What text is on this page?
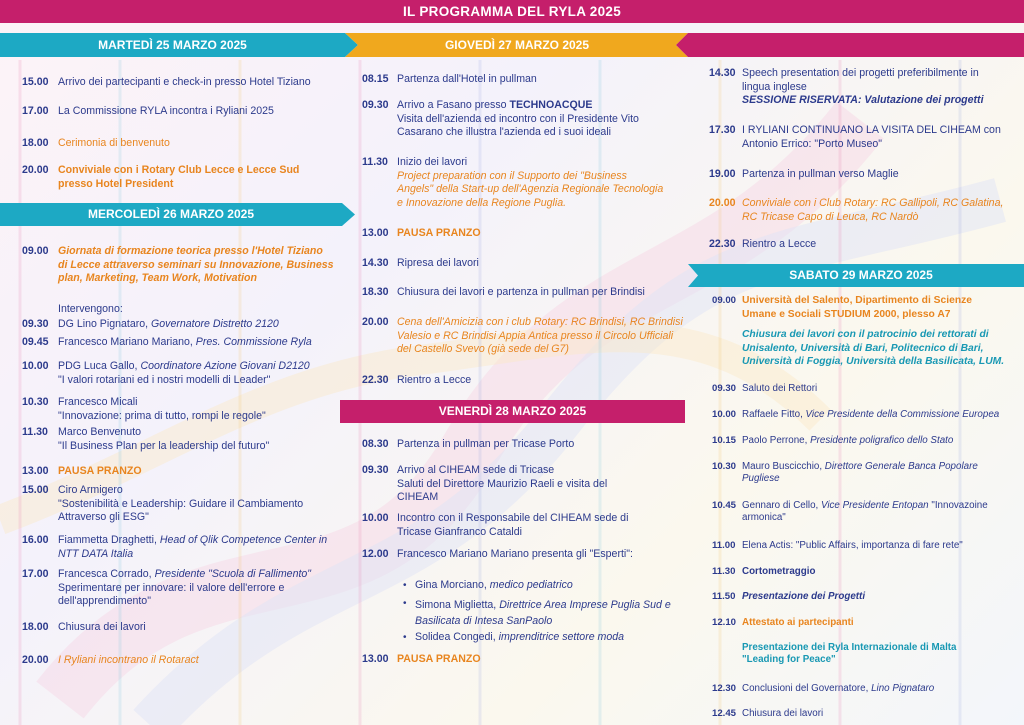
IL PROGRAMMA DEL RYLA 2025
MARTEDÌ 25 MARZO 2025	GIOVEDÌ 27 MARZO 2025
MERCOLEDÌ 26 MARZO 2025
VENERDÌ 28 MARZO 2025
SABATO 29 MARZO 2025
15.00 Arrivo dei partecipanti e check-in presso Hotel Tiziano
17.00 La Commissione RYLA incontra i Ryliani 2025
18.00 Cerimonia di benvenuto
20.00 Conviviale con i Rotary Club Lecce e Lecce Sud
presso Hotel President
09.00 Giornata di formazione teorica presso l'Hotel Tiziano
di Lecce attraverso seminari su Innovazione, Business
plan, Marketing, Team Work, Motivation
Intervengono:
09.30 DG Lino Pignataro, Governatore Distretto 2120
09.45 Francesco Mariano Mariano, Pres. Commissione Ryla
10.00 PDG Luca Gallo, Coordinatore Azione Giovani D2120
"I valori rotariani ed i nostri modelli di Leader"
10.30 Francesco Micali
"Innovazione: prima di tutto, rompi le regole"
11.30 Marco Benvenuto
"Il Business Plan per la leadership del futuro"
13.00 PAUSA PRANZO
15.00 Ciro Armigero
"Sostenibilità e Leadership: Guidare il Cambiamento
Attraverso gli ESG"
16.00 Fiammetta Draghetti, Head of Qlik Competence Center in
NTT DATA Italia
17.00 Francesca Corrado, Presidente "Scuola di Fallimento"
Sperimentare per innovare: il valore dell'errore e
dell'apprendimento"
18.00 Chiusura dei lavori
20.00 I Ryliani incontrano il Rotaract
08.15 Partenza dall'Hotel in pullman
09.30 Arrivo a Fasano presso TECHNOACQUE
Visita dell'azienda ed incontro con il Presidente Vito
Casarano che illustra l'azienda ed i suoi ideali
11.30 Inizio dei lavori
Project preparation con il Supporto dei "Business
Angels" della Start-up dell'Agenzia Regionale Tecnologia
e Innovazione della Regione Puglia.
13.00 PAUSA PRANZO
14.30 Ripresa dei lavori
18.30 Chiusura dei lavori e partenza in pullman per Brindisi
20.00 Cena dell'Amicizia con i club Rotary: RC Brindisi, RC Brindisi
Valesio e RC Brindisi Appia Antica presso il Circolo Ufficiali
del Castello Svevo (già sede del G7)
22.30 Rientro a Lecce
08.30 Partenza in pullman per Tricase Porto
09.30 Arrivo al CIHEAM sede di Tricase
Saluti del Direttore Maurizio Raeli e visita del
CIHEAM
10.00 Incontro con il Responsabile del CIHEAM sede di
Tricase Gianfranco Cataldi
12.00 Francesco Mariano Mariano presenta gli "Esperti":
• Gina Morciano, medico pediatrico
• Simona Miglietta, Direttrice Area Imprese Puglia Sud e
Basilicata di Intesa SanPaolo
• Solidea Congedi, imprenditrice settore moda
13.00 PAUSA PRANZO
14.30 Speech presentation dei progetti preferibilmente in
lingua inglese
SESSIONE RISERVATA: Valutazione dei progetti
17.30 I RYLIANI CONTINUANO LA VISITA DEL CIHEAM con
Antonio Errico: "Porto Museo"
19.00 Partenza in pullman verso Maglie
20.00 Conviviale con i Club Rotary: RC Gallipoli, RC Galatina,
RC Tricase Capo di Leuca, RC Nardò
22.30 Rientro a Lecce
09.00 Università del Salento, Dipartimento di Scienze
Umane e Sociali STUDIUM 2000, plesso A7
Chiusura dei lavori con il patrocinio dei rettorati di
Unisalento, Università di Bari, Politecnico di Bari,
Università di Foggia, Università della Basilicata, LUM.
09.30 Saluto dei Rettori
10.00 Raffaele Fitto, Vice Presidente della Commissione Europea
10.15 Paolo Perrone, Presidente poligrafico dello Stato
10.30 Mauro Buscicchio, Direttore Generale Banca Popolare
Pugliese
10.45 Gennaro di Cello, Vice Presidente Entopan "Innovazoine
armonica"
11.00 Elena Actis: "Public Affairs, importanza di fare rete"
11.30 Cortometraggio
11.50 Presentazione dei Progetti
12.10 Attestato ai partecipanti
Presentazione dei Ryla Internazionale di Malta
"Leading for Peace"
12.30 Conclusioni del Governatore, Lino Pignataro
12.45 Chiusura dei lavori
